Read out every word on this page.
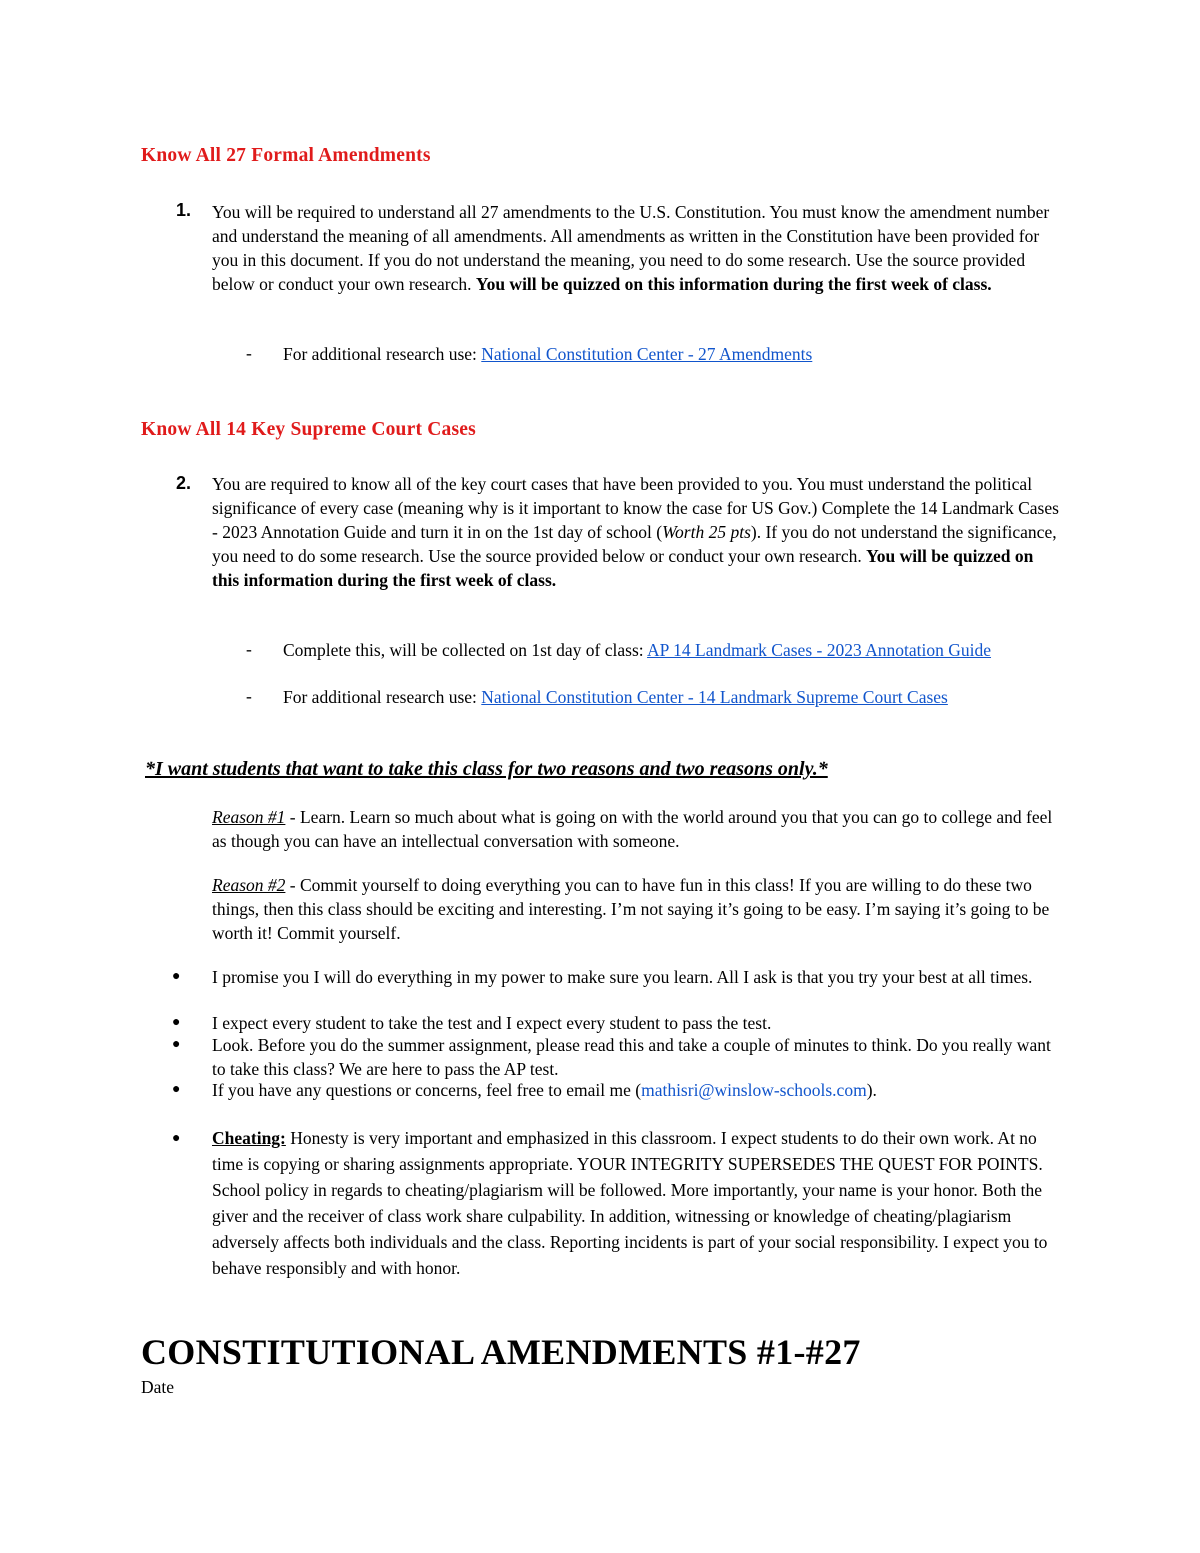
Know All 27 Formal Amendments
1. You will be required to understand all 27 amendments to the U.S. Constitution. You must know the amendment number and understand the meaning of all amendments. All amendments as written in the Constitution have been provided for you in this document. If you do not understand the meaning, you need to do some research. Use the source provided below or conduct your own research. You will be quizzed on this information during the first week of class.

- For additional research use: National Constitution Center - 27 Amendments
Know All 14 Key Supreme Court Cases
2. You are required to know all of the key court cases that have been provided to you. You must understand the political significance of every case (meaning why is it important to know the case for US Gov.) Complete the 14 Landmark Cases - 2023 Annotation Guide and turn it in on the 1st day of school (Worth 25 pts). If you do not understand the significance, you need to do some research. Use the source provided below or conduct your own research. You will be quizzed on this information during the first week of class.

- Complete this, will be collected on 1st day of class: AP 14 Landmark Cases - 2023 Annotation Guide
- For additional research use: National Constitution Center - 14 Landmark Supreme Court Cases
*I want students that want to take this class for two reasons and two reasons only.*

Reason #1 - Learn. Learn so much about what is going on with the world around you that you can go to college and feel as though you can have an intellectual conversation with someone.

Reason #2 - Commit yourself to doing everything you can to have fun in this class! If you are willing to do these two things, then this class should be exciting and interesting. I’m not saying it’s going to be easy. I’m saying it’s going to be worth it! Commit yourself.

● I promise you I will do everything in my power to make sure you learn. All I ask is that you try your best at all times.
● I expect every student to take the test and I expect every student to pass the test.
● Look. Before you do the summer assignment, please read this and take a couple of minutes to think. Do you really want to take this class? We are here to pass the AP test.
● If you have any questions or concerns, feel free to email me (mathisri@winslow-schools.com).
● Cheating: Honesty is very important and emphasized in this classroom. I expect students to do their own work. At no time is copying or sharing assignments appropriate. YOUR INTEGRITY SUPERSEDES THE QUEST FOR POINTS. School policy in regards to cheating/plagiarism will be followed. More importantly, your name is your honor. Both the giver and the receiver of class work share culpability. In addition, witnessing or knowledge of cheating/plagiarism adversely affects both individuals and the class. Reporting incidents is part of your social responsibility. I expect you to behave responsibly and with honor.
CONSTITUTIONAL AMENDMENTS #1-#27
Date
